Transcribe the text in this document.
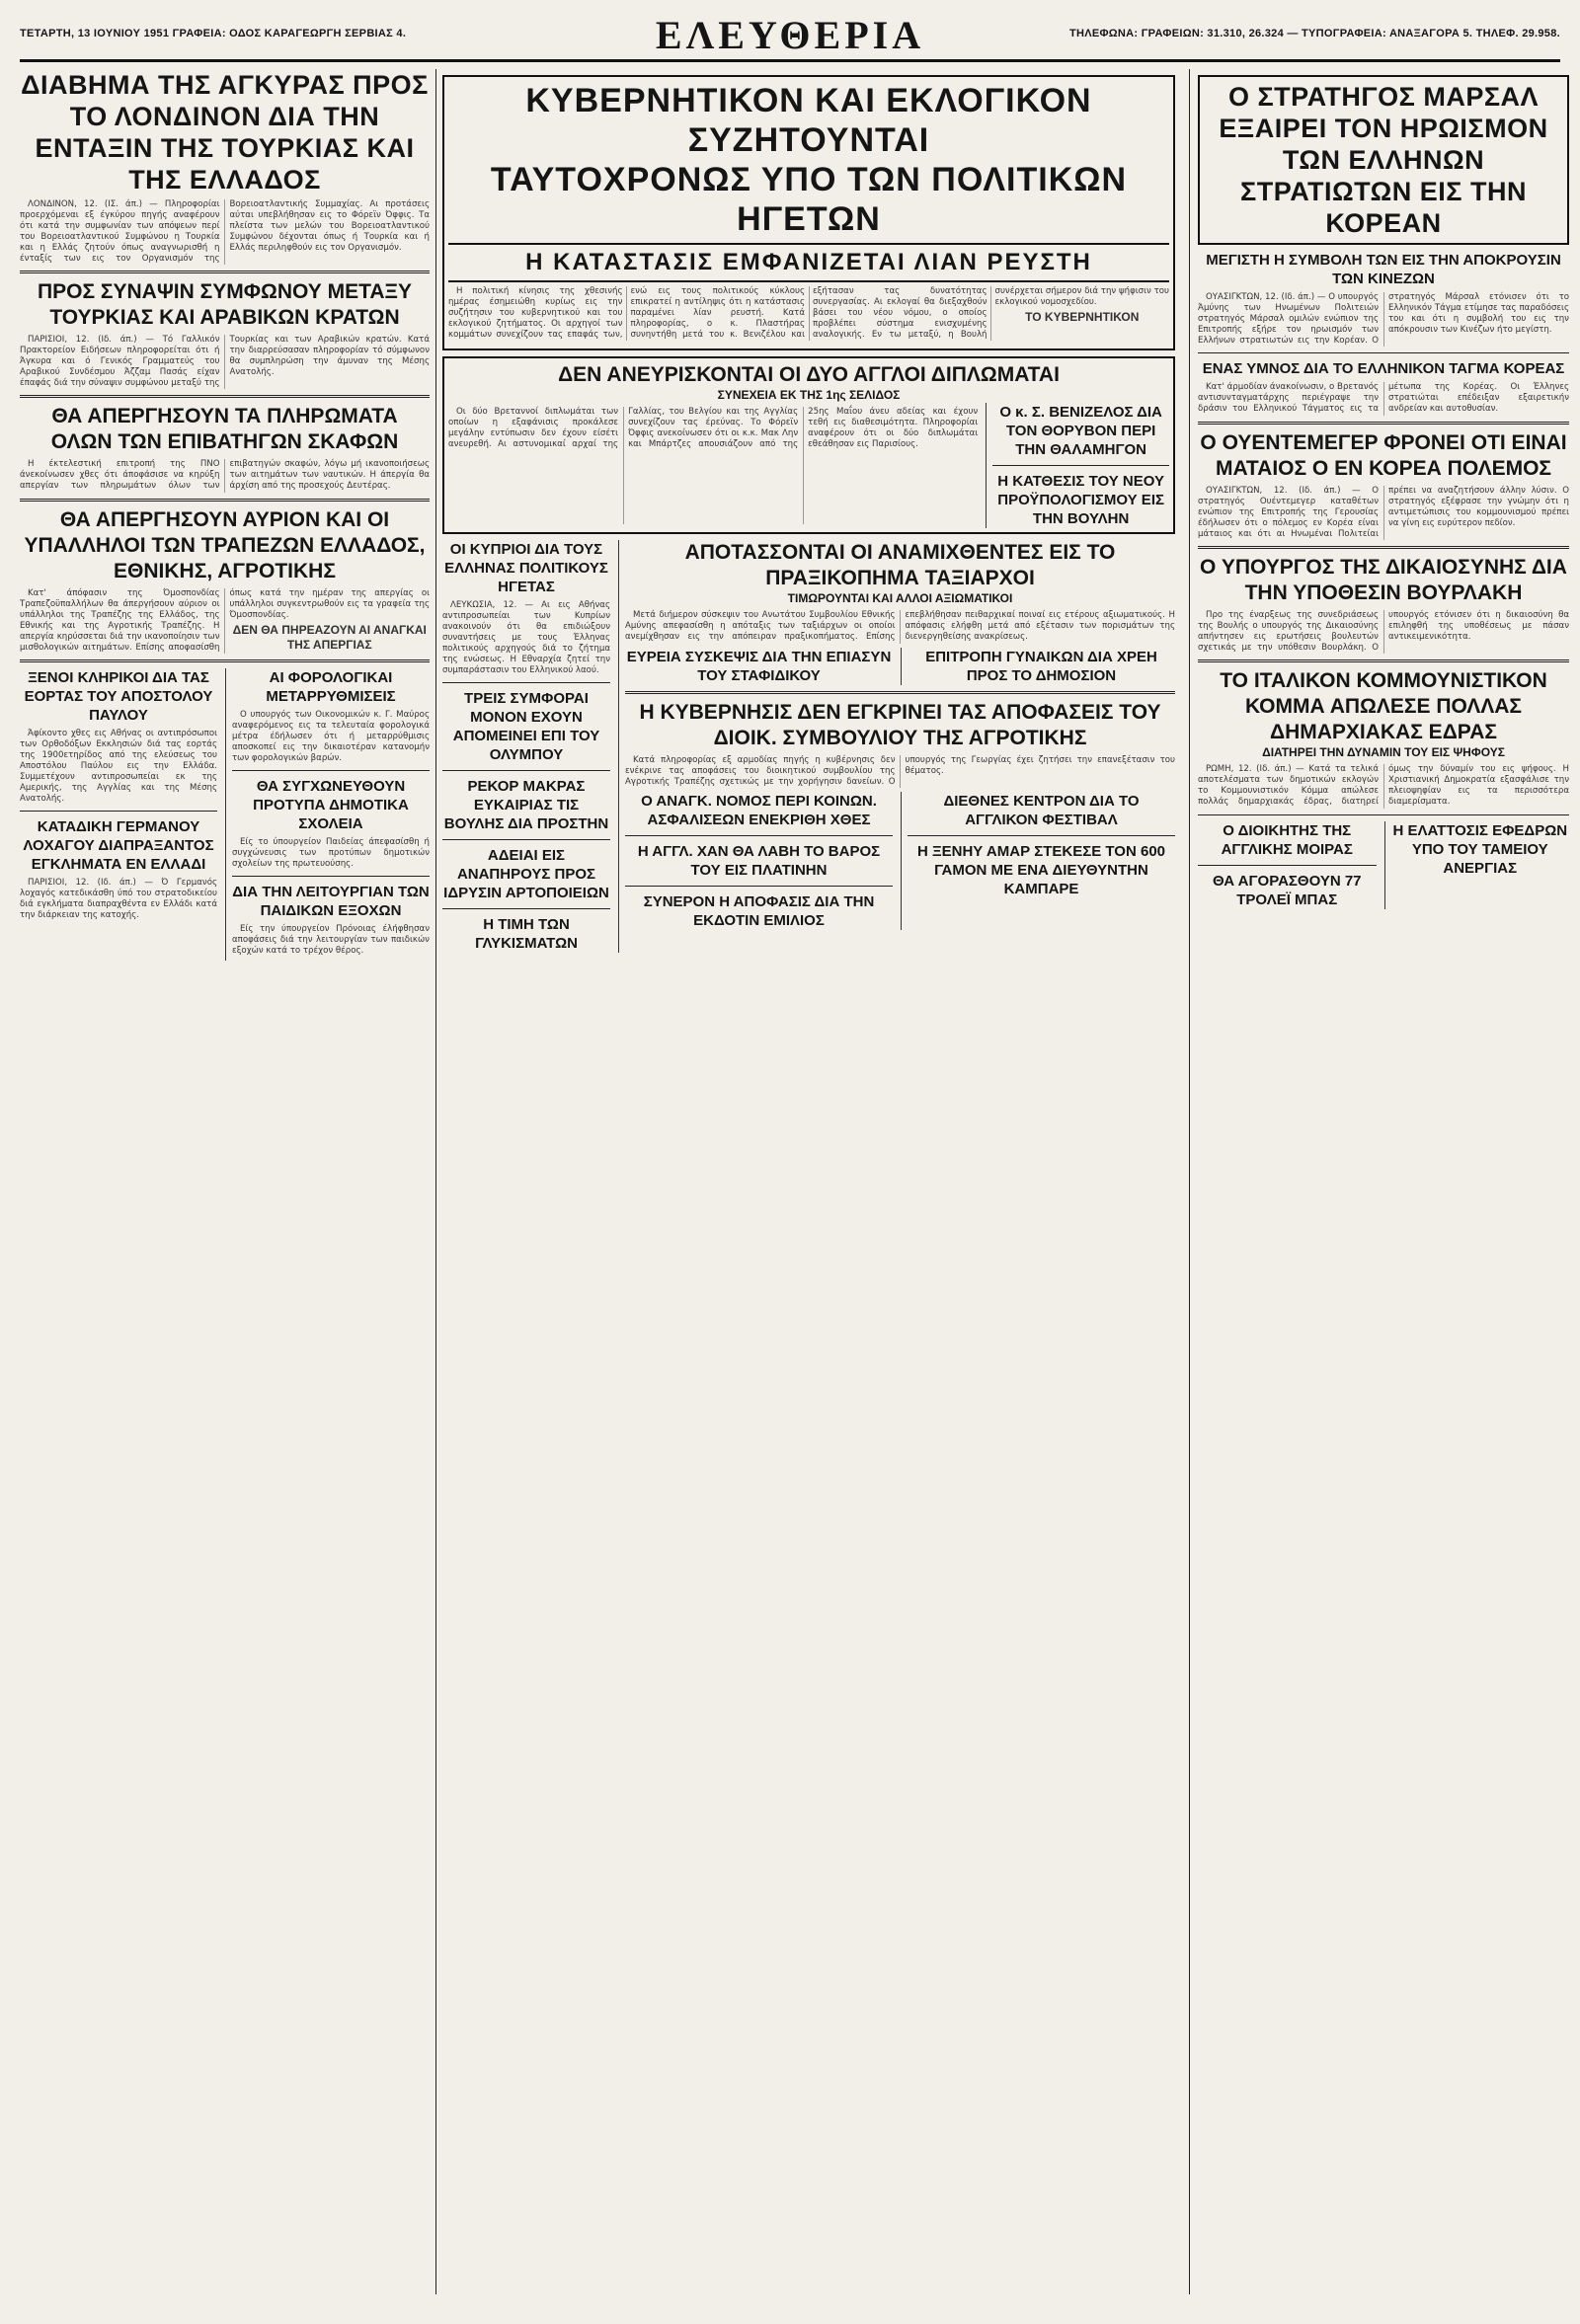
ΤΕΤΑΡΤΗ, 13 ΙΟΥΝΙΟΥ 1951 ΓΡΑΦΕΙΑ: ΟΔΟΣ ΚΑΡΑΓΕΩΡΓΗ ΣΕΡΒΙΑΣ 4.	ΕΛΕΥΘΕΡΙΑ	ΤΗΛΕΦΩΝΑ: ΓΡΑΦΕΙΩΝ: 31.310, 26.324 — ΤΥΠΟΓΡΑΦΕΙΑ: ΑΝΑΞΑΓΟΡΑ 5. ΤΗΛΕΦ. 29.958.
ΔΙΑΒΗΜΑ ΤΗΣ ΑΓΚΥΡΑΣ ΠΡΟΣ ΤΟ ΛΟΝΔΙΝΟΝ ΔΙΑ ΤΗΝ ΕΝΤΑΞΙΝ ΤΗΣ ΤΟΥΡΚΙΑΣ ΚΑΙ ΤΗΣ ΕΛΛΑΔΟΣ

ΛΟΝΔΙΝΟΝ, 12. (ΙΣ. άπ.) — Πληροφορίαι προερχόμεναι εξ έγκύρου πηγής αναφέρουν ότι κατά την συμφωνίαν των απόψεων περί του Βορειοατλαντικού Συμφώνου η Τουρκία και η Ελλάς ζητούν όπως αναγνωρισθή η ένταξίς των εις τον Οργανισμόν της Βορειοατλαντικής Συμμαχίας. Αι προτάσεις αύται υπεβλήθησαν εις το Φόρεϊν Όφφις. Τα πλείστα των μελών του Βορειοατλαντικού Συμφώνου δέχονται όπως ή Τουρκία και ή Ελλάς περιληφθούν εις τον Οργανισμόν.

ΠΡΟΣ ΣΥΝΑΨΙΝ ΣΥΜΦΩΝΟΥ ΜΕΤΑΞΥ ΤΟΥΡΚΙΑΣ ΚΑΙ ΑΡΑΒΙΚΩΝ ΚΡΑΤΩΝ

ΠΑΡΙΣΙΟΙ, 12. (Ιδ. άπ.) — Τό Γαλλικόν Πρακτορείον Ειδήσεων πληροφορείται ότι ή Άγκυρα και ό Γενικός Γραμματεύς του Αραβικού Συνδέσμου Άζζαμ Πασάς είχαν έπαφάς διά την σύναψιν συμφώνου μεταξύ της Τουρκίας και των Αραβικών κρατών. Κατά την διαρρεύσασαν πληροφορίαν τό σύμφωνον θα συμπληρώση την άμυναν της Μέσης Ανατολής.

ΘΑ ΑΠΕΡΓΗΣΟΥΝ ΤΑ ΠΛΗΡΩΜΑΤΑ ΟΛΩΝ ΤΩΝ ΕΠΙΒΑΤΗΓΩΝ ΣΚΑΦΩΝ

Η έκτελεστική επιτροπή της ΠΝΟ άνεκοίνωσεν χθες ότι άποφάσισε να κηρύξη απεργίαν των πληρωμάτων όλων των επιβατηγών σκαφών, λόγω μή ικανοποιήσεως των αιτημάτων των ναυτικών. Η άπεργία θα άρχίση από της προσεχούς Δευτέρας.

ΘΑ ΑΠΕΡΓΗΣΟΥΝ ΑΥΡΙΟΝ ΚΑΙ ΟΙ ΥΠΑΛΛΗΛΟΙ ΤΩΝ ΤΡΑΠΕΖΩΝ ΕΛΛΑΔΟΣ, ΕΘΝΙΚΗΣ, ΑΓΡΟΤΙΚΗΣ

Κατ' άπόφασιν της Όμοσπονδίας Τραπεζοϋπαλλήλων θα άπεργήσουν αύριον οι υπάλληλοι της Τραπέζης της Ελλάδος, της Εθνικής και της Αγροτικής Τραπέζης. Η απεργία κηρύσσεται διά την ικανοποίησιν των μισθολογικών αιτημάτων. Επίσης αποφασίσθη όπως κατά την ημέραν της απεργίας οι υπάλληλοι συγκεντρωθούν εις τα γραφεία της Όμοσπονδίας.

ΔΕΝ ΘΑ ΠΗΡΕΑΖΟΥΝ ΑΙ ΑΝΑΓΚΑΙ ΤΗΣ ΑΠΕΡΓΙΑΣ
ΞΕΝΟΙ ΚΛΗΡΙΚΟΙ ΔΙΑ ΤΑΣ ΕΟΡΤΑΣ ΤΟΥ ΑΠΟΣΤΟΛΟΥ ΠΑΥΛΟΥ

Άφίκοντο χθες εις Αθήνας οι αντιπρόσωποι των Ορθοδόξων Εκκλησιών διά τας εορτάς της 1900ετηρίδος από της ελεύσεως του Αποστόλου Παύλου εις την Ελλάδα. Συμμετέχουν αντιπροσωπείαι εκ της Αμερικής, της Αγγλίας και της Μέσης Ανατολής.

ΚΑΤΑΔΙΚΗ ΓΕΡΜΑΝΟΥ ΛΟΧΑΓΟΥ ΔΙΑΠΡΑΞΑΝΤΟΣ ΕΓΚΛΗΜΑΤΑ ΕΝ ΕΛΛΑΔΙ

ΠΑΡΙΣΙΟΙ, 12. (Ιδ. άπ.) — Ό Γερμανός λοχαγός κατεδικάσθη ύπό του στρατοδικείου διά εγκλήματα διαπραχθέντα εν Ελλάδι κατά την διάρκειαν της κατοχής.

ΑΙ ΦΟΡΟΛΟΓΙΚΑΙ ΜΕΤΑΡΡΥΘΜΙΣΕΙΣ

Ο υπουργός των Οικονομικών κ. Γ. Μαύρος αναφερόμενος εις τα τελευταία φορολογικά μέτρα έδήλωσεν ότι ή μεταρρύθμισις αποσκοπεί εις την δικαιοτέραν κατανομήν των φορολογικών βαρών.

ΘΑ ΣΥΓΧΩΝΕΥΘΟΥΝ ΠΡΟΤΥΠΑ ΔΗΜΟΤΙΚΑ ΣΧΟΛΕΙΑ

Είς το ύπουργείον Παιδείας άπεφασίσθη ή συγχώνευσις των προτύπων δημοτικών σχολείων της πρωτευούσης.

ΔΙΑ ΤΗΝ ΛΕΙΤΟΥΡΓΙΑΝ ΤΩΝ ΠΑΙΔΙΚΩΝ ΕΞΟΧΩΝ

Είς την ύπουργείον Πρόνοιας έλήφθησαν αποφάσεις διά την λειτουργίαν των παιδικών εξοχών κατά το τρέχον θέρος.

ΚΥΒΕΡΝΗΤΙΚΟΝ ΚΑΙ ΕΚΛΟΓΙΚΟΝ ΣΥΖΗΤΟΥΝΤΑΙ
ΤΑΥΤΟΧΡΟΝΩΣ ΥΠΟ ΤΩΝ ΠΟΛΙΤΙΚΩΝ ΗΓΕΤΩΝ
Η ΚΑΤΑΣΤΑΣΙΣ ΕΜΦΑΝΙΖΕΤΑΙ ΛΙΑΝ ΡΕΥΣΤΗ

Η πολιτική κίνησις της χθεσινής ημέρας έσημειώθη κυρίως εις την συζήτησιν του κυβερνητικού και του εκλογικού ζητήματος. Οι αρχηγοί των κομμάτων συνεχίζουν τας επαφάς των, ενώ εις τους πολιτικούς κύκλους επικρατεί η αντίληψις ότι η κατάστασις παραμένει λίαν ρευστή. Κατά πληροφορίας, ο κ. Πλαστήρας συνηντήθη μετά του κ. Βενιζέλου και εξήτασαν τας δυνατότητας συνεργασίας. Αι εκλογαί θα διεξαχθούν βάσει του νέου νόμου, ο οποίος προβλέπει σύστημα ενισχυμένης αναλογικής. Εν τω μεταξύ, η Βουλή συνέρχεται σήμερον διά την ψήφισιν του εκλογικού νομοσχεδίου.

ΤΟ ΚΥΒΕΡΝΗΤΙΚΟΝ
ΔΕΝ ΑΝΕΥΡΙΣΚΟΝΤΑΙ ΟΙ ΔΥΟ ΑΓΓΛΟΙ ΔΙΠΛΩΜΑΤΑΙ
ΣΥΝΕΧΕΙΑ ΕΚ ΤΗΣ 1ης ΣΕΛΙΔΟΣ

Οι δύο Βρεταννοί διπλωμάται των οποίων η εξαφάνισις προκάλεσε μεγάλην εντύπωσιν δεν έχουν είσέτι ανευρεθή. Αι αστυνομικαί αρχαί της Γαλλίας, του Βελγίου και της Αγγλίας συνεχίζουν τας έρεύνας. Το Φόρεϊν Όφφις ανεκοίνωσεν ότι οι κ.κ. Μακ Λην και Μπάρτζες απουσιάζουν από της 25ης Μαΐου άνευ αδείας και έχουν τεθή εις διαθεσιμότητα. Πληροφορίαι αναφέρουν ότι οι δύο διπλωμάται εθεάθησαν εις Παρισίους.

Ο κ. Σ. ΒΕΝΙΖΕΛΟΣ ΔΙΑ ΤΟΝ ΘΟΡΥΒΟΝ ΠΕΡΙ ΤΗΝ ΘΑΛΑΜΗΓΟΝ
Η ΚΑΤΘΕΣΙΣ ΤΟΥ ΝΕΟΥ ΠΡΟΫΠΟΛΟΓΙΣΜΟΥ ΕΙΣ ΤΗΝ ΒΟΥΛΗΝ
ΟΙ ΚΥΠΡΙΟΙ ΔΙΑ ΤΟΥΣ ΕΛΛΗΝΑΣ ΠΟΛΙΤΙΚΟΥΣ ΗΓΕΤΑΣ

ΛΕΥΚΩΣΙΑ, 12. — Αι εις Αθήνας αντιπροσωπείαι των Κυπρίων ανακοινούν ότι θα επιδιώξουν συναντήσεις με τους Έλληνας πολιτικούς αρχηγούς διά το ζήτημα της ενώσεως. Η Εθναρχία ζητεί την συμπαράστασιν του Ελληνικού λαού.

ΤΡΕΙΣ ΣΥΜΦΟΡΑΙ ΜΟΝΟΝ ΕΧΟΥΝ ΑΠΟΜΕΙΝΕΙ ΕΠΙ ΤΟΥ ΟΛΥΜΠΟΥ
ΡΕΚΟΡ ΜΑΚΡΑΣ ΕΥΚΑΙΡΙΑΣ ΤΙΣ ΒΟΥΛΗΣ ΔΙΑ ΠΡΟΣΤΗΝ
ΑΔΕΙΑΙ ΕΙΣ ΑΝΑΠΗΡΟΥΣ ΠΡΟΣ ΙΔΡΥΣΙΝ ΑΡΤΟΠΟΙΕΙΩΝ
Η ΤΙΜΗ ΤΩΝ ΓΛΥΚΙΣΜΑΤΩΝ
ΑΠΟΤΑΣΣΟΝΤΑΙ ΟΙ ΑΝΑΜΙΧΘΕΝΤΕΣ ΕΙΣ ΤΟ ΠΡΑΞΙΚΟΠΗΜΑ ΤΑΞΙΑΡΧΟΙ
ΤΙΜΩΡΟΥΝΤΑΙ ΚΑΙ ΑΛΛΟΙ ΑΞΙΩΜΑΤΙΚΟΙ

Μετά διήμερον σύσκεψιν του Ανωτάτου Συμβουλίου Εθνικής Αμύνης απεφασίσθη η απόταξις των ταξιάρχων οι οποίοι ανεμίχθησαν εις την απόπειραν πραξικοπήματος. Επίσης επεβλήθησαν πειθαρχικαί ποιναί εις ετέρους αξιωματικούς. Η απόφασις ελήφθη μετά από εξέτασιν των πορισμάτων της διενεργηθείσης ανακρίσεως.

ΕΥΡΕΙΑ ΣΥΣΚΕΨΙΣ ΔΙΑ ΤΗΝ ΕΠΙΑΣΥΝ ΤΟΥ ΣΤΑΦΙΔΙΚΟΥ
ΕΠΙΤΡΟΠΗ ΓΥΝΑΙΚΩΝ ΔΙΑ ΧΡΕΗ ΠΡΟΣ ΤΟ ΔΗΜΟΣΙΟΝ
Η ΚΥΒΕΡΝΗΣΙΣ ΔΕΝ ΕΓΚΡΙΝΕΙ ΤΑΣ ΑΠΟΦΑΣΕΙΣ ΤΟΥ ΔΙΟΙΚ. ΣΥΜΒΟΥΛΙΟΥ ΤΗΣ ΑΓΡΟΤΙΚΗΣ

Κατά πληροφορίας εξ αρμοδίας πηγής η κυβέρνησις δεν ενέκρινε τας αποφάσεις του διοικητικού συμβουλίου της Αγροτικής Τραπέζης σχετικώς με την χορήγησιν δανείων. Ο υπουργός της Γεωργίας έχει ζητήσει την επανεξέτασιν του θέματος.

Ο ΑΝΑΓΚ. ΝΟΜΟΣ ΠΕΡΙ ΚΟΙΝΩΝ. ΑΣΦΑΛΙΣΕΩΝ ΕΝΕΚΡΙΘΗ ΧΘΕΣ
Η ΑΓΓΛ. ΧΑΝ ΘΑ ΛΑΒΗ ΤΟ ΒΑΡΟΣ ΤΟΥ ΕΙΣ ΠΛΑΤΙΝΗΝ
ΣΥΝΕΡΟΝ Η ΑΠΟΦΑΣΙΣ ΔΙΑ ΤΗΝ ΕΚΔΟΤΙΝ ΕΜΙΛΙΟΣ
ΔΙΕΘΝΕΣ ΚΕΝΤΡΟΝ ΔΙΑ ΤΟ ΑΓΓΛΙΚΟΝ ΦΕΣΤΙΒΑΛ
Η ΞΕΝΗΥ ΑΜΑΡ ΣΤΕΚΕΣΕ ΤΟΝ 600 ΓΑΜΟΝ ΜΕ ΕΝΑ ΔΙΕΥΘΥΝΤΗΝ ΚΑΜΠΑΡΕ
Ο ΣΤΡΑΤΗΓΟΣ ΜΑΡΣΑΛ ΕΞΑΙΡΕΙ ΤΟΝ ΗΡΩΙΣΜΟΝ ΤΩΝ ΕΛΛΗΝΩΝ ΣΤΡΑΤΙΩΤΩΝ ΕΙΣ ΤΗΝ ΚΟΡΕΑΝ
ΜΕΓΙΣΤΗ Η ΣΥΜΒΟΛΗ ΤΩΝ ΕΙΣ ΤΗΝ ΑΠΟΚΡΟΥΣΙΝ ΤΩΝ ΚΙΝΕΖΩΝ

ΟΥΑΣΙΓΚΤΩΝ, 12. (Ιδ. άπ.) — Ο υπουργός Άμύνης των Ηνωμένων Πολιτειών στρατηγός Μάρσαλ ομιλών ενώπιον της Επιτροπής εξήρε τον ηρωισμόν των Ελλήνων στρατιωτών εις την Κορέαν. Ο στρατηγός Μάρσαλ ετόνισεν ότι το Ελληνικόν Τάγμα ετίμησε τας παραδόσεις του και ότι η συμβολή του εις την απόκρουσιν των Κινέζων ήτο μεγίστη.

ΕΝΑΣ ΥΜΝΟΣ ΔΙΑ ΤΟ ΕΛΛΗΝΙΚΟΝ ΤΑΓΜΑ ΚΟΡΕΑΣ

Κατ' άρμοδίαν άνακοίνωσιν, ο Βρετανός αντισυνταγματάρχης περιέγραψε την δράσιν του Ελληνικού Τάγματος εις τα μέτωπα της Κορέας. Οι Έλληνες στρατιώται επέδειξαν εξαιρετικήν ανδρείαν και αυτοθυσίαν.

Ο ΟΥΕΝΤΕΜΕΓΕΡ ΦΡΟΝΕΙ ΟΤΙ ΕΙΝΑΙ ΜΑΤΑΙΟΣ Ο ΕΝ ΚΟΡΕΑ ΠΟΛΕΜΟΣ

ΟΥΑΣΙΓΚΤΩΝ, 12. (Ιδ. άπ.) — Ο στρατηγός Ουέντεμεγερ καταθέτων ενώπιον της Επιτροπής της Γερουσίας έδήλωσεν ότι ο πόλεμος εν Κορέα είναι μάταιος και ότι αι Ηνωμέναι Πολιτείαι πρέπει να αναζητήσουν άλλην λύσιν. Ο στρατηγός εξέφρασε την γνώμην ότι η αντιμετώπισις του κομμουνισμού πρέπει να γίνη εις ευρύτερον πεδίον.

Ο ΥΠΟΥΡΓΟΣ ΤΗΣ ΔΙΚΑΙΟΣΥΝΗΣ ΔΙΑ ΤΗΝ ΥΠΟΘΕΣΙΝ ΒΟΥΡΛΑΚΗ

Προ της έναρξεως της συνεδριάσεως της Βουλής ο υπουργός της Δικαιοσύνης απήντησεν εις ερωτήσεις βουλευτών σχετικάς με την υπόθεσιν Βουρλάκη. Ο υπουργός ετόνισεν ότι η δικαιοσύνη θα επιληφθή της υποθέσεως με πάσαν αντικειμενικότητα.

ΤΟ ΙΤΑΛΙΚΟΝ ΚΟΜΜΟΥΝΙΣΤΙΚΟΝ ΚΟΜΜΑ ΑΠΩΛΕΣΕ ΠΟΛΛΑΣ ΔΗΜΑΡΧΙΑΚΑΣ ΕΔΡΑΣ
ΔΙΑΤΗΡΕΙ ΤΗΝ ΔΥΝΑΜΙΝ ΤΟΥ ΕΙΣ ΨΗΦΟΥΣ

ΡΩΜΗ, 12. (Ιδ. άπ.) — Κατά τα τελικά αποτελέσματα των δημοτικών εκλογών το Κομμουνιστικόν Κόμμα απώλεσε πολλάς δημαρχιακάς έδρας, διατηρεί όμως την δύναμίν του εις ψήφους. Η Χριστιανική Δημοκρατία εξασφάλισε την πλειοψηφίαν εις τα περισσότερα διαμερίσματα.

Ο ΔΙΟΙΚΗΤΗΣ ΤΗΣ ΑΓΓΛΙΚΗΣ ΜΟΙΡΑΣ
ΘΑ ΑΓΟΡΑΣΘΟΥΝ 77 ΤΡΟΛΕΪ ΜΠΑΣ
Η ΕΛΑΤΤΟΣΙΣ ΕΦΕΔΡΩΝ ΥΠΟ ΤΟΥ ΤΑΜΕΙΟΥ ΑΝΕΡΓΙΑΣ
